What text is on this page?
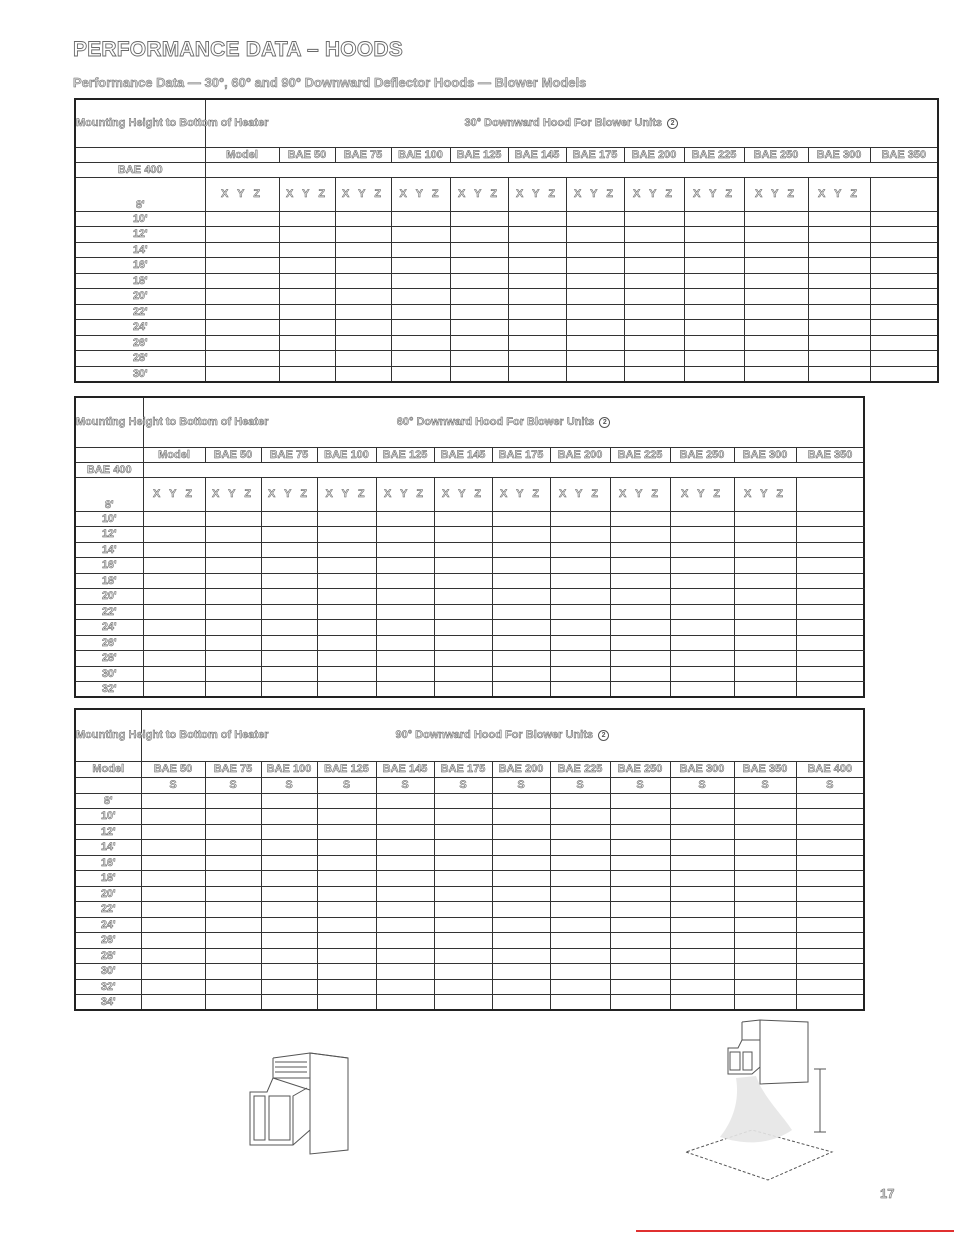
PERFORMANCE DATA – HOODS

Performance Data — 30°, 60° and 90° Downward Deflector Hoods — Blower Models

Mounting Height to Bottom of Heater	30° Downward Hood For Blower Units 2											
	Model	BAE 50	BAE 75	BAE 100	BAE 125	BAE 145	BAE 175	BAE 200	BAE 225	BAE 250	BAE 300	BAE 350
BAE 400												
8'	X Y Z	X Y Z	X Y Z	X Y Z	X Y Z	X Y Z	X Y Z	X Y Z	X Y Z	X Y Z	X Y Z	
10'												
12'												
14'												
16'												
18'												
20'												
22'												
24'												
26'												
28'												
30'												
Mounting Height to Bottom of Heater	60° Downward Hood For Blower Units 2											
	Model	BAE 50	BAE 75	BAE 100	BAE 125	BAE 145	BAE 175	BAE 200	BAE 225	BAE 250	BAE 300	BAE 350
BAE 400												
8'	X Y Z	X Y Z	X Y Z	X Y Z	X Y Z	X Y Z	X Y Z	X Y Z	X Y Z	X Y Z	X Y Z	
10'												
12'												
14'												
16'												
18'												
20'												
22'												
24'												
26'												
28'												
30'												
32'												
Mounting Height to Bottom of Heater	90° Downward Hood For Blower Units 2											
Model	BAE 50	BAE 75	BAE 100	BAE 125	BAE 145	BAE 175	BAE 200	BAE 225	BAE 250	BAE 300	BAE 350	BAE 400
	S	S	S	S	S	S	S	S	S	S	S	S
8'												
10'												
12'												
14'												
16'												
18'												
20'												
22'												
24'												
26'												
28'												
30'												
32'												
34'												
17
